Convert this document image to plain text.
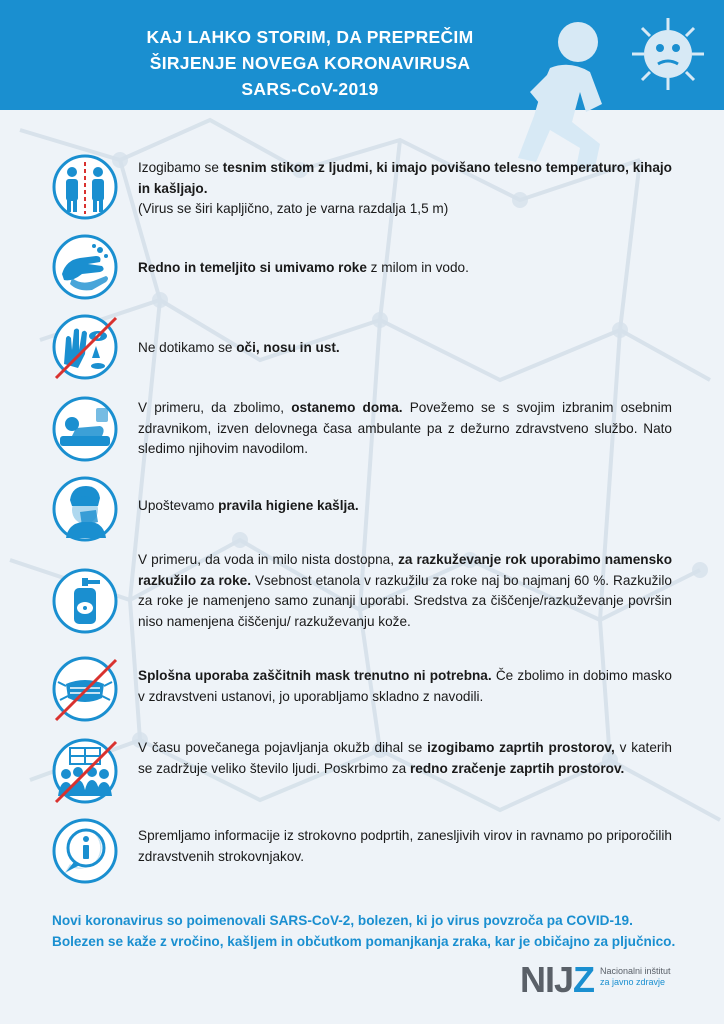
KAJ LAHKO STORIM, DA PREPREČIM
ŠIRJENJE NOVEGA KORONAVIRUSA
SARS-CoV-2019
Izogibamo se tesnim stikom z ljudmi, ki imajo povišano telesno temperaturo, kihajo in kašljajo.
(Virus se širi kapljično, zato je varna razdalja 1,5 m)
Redno in temeljito si umivamo roke z milom in vodo.
Ne dotikamo se oči, nosu in ust.
V primeru, da zbolimo, ostanemo doma. Povežemo se s svojim izbranim osebnim zdravnikom, izven delovnega časa ambulante pa z dežurno zdravstveno službo. Nato sledimo njihovim navodilom.
Upoštevamo pravila higiene kašlja.
V primeru, da voda in milo nista dostopna, za razkuževanje rok uporabimo namensko razkužilo za roke. Vsebnost etanola v razkužilu za roke naj bo najmanj 60 %. Razkužilo za roke je namenjeno samo zunanji uporabi. Sredstva za čiščenje/razkuževanje površin niso namenjena čiščenju/ razkuževanju kože.
Splošna uporaba zaščitnih mask trenutno ni potrebna. Če zbolimo in dobimo masko v zdravstveni ustanovi, jo uporabljamo skladno z navodili.
V času povečanega pojavljanja okužb dihal se izogibamo zaprtih prostorov, v katerih se zadržuje veliko število ljudi. Poskrbimo za redno zračenje zaprtih prostorov.
Spremljamo informacije iz strokovno podprtih, zanesljivih virov in ravnamo po priporočilih zdravstvenih strokovnjakov.
Novi koronavirus so poimenovali SARS-CoV-2, bolezen, ki jo virus povzroča pa COVID-19. Bolezen se kaže z vročino, kašljem in občutkom pomanjkanja zraka, kar je običajno za pljučnico.
NIJZ Nacionalni inštitut
za javno zdravje
